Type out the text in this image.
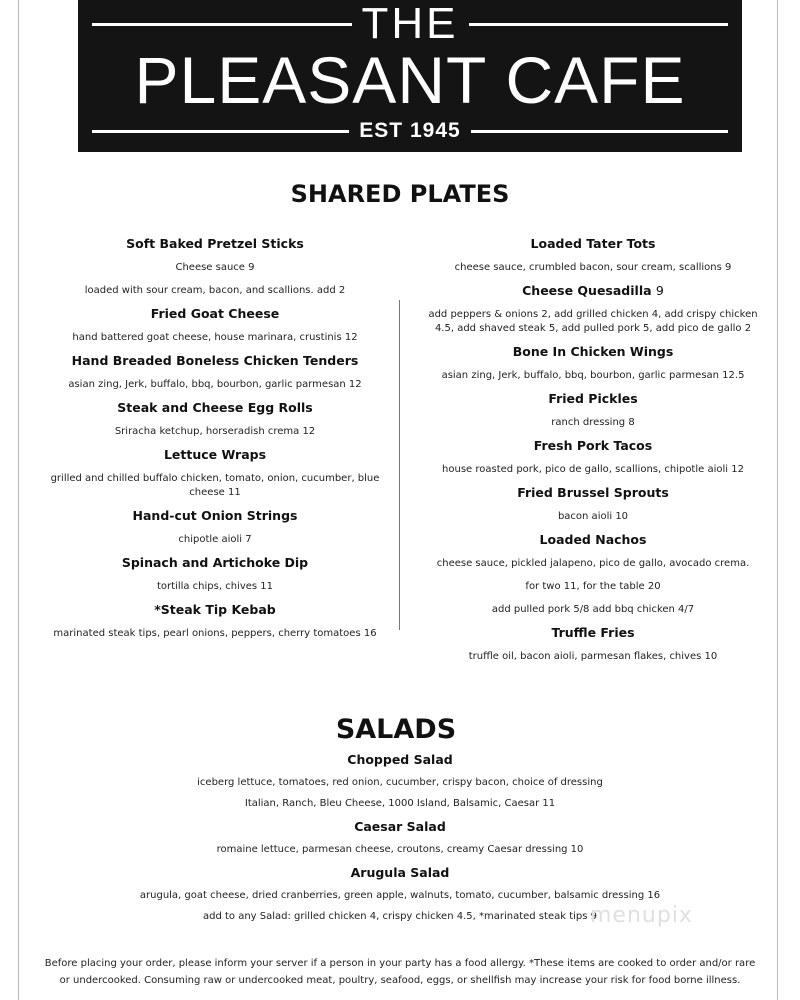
THE
PLEASANT CAFE
EST 1945
SHARED PLATES

Soft Baked Pretzel Sticks

Cheese sauce 9

loaded with sour cream, bacon, and scallions. add 2

Fried Goat Cheese

hand battered goat cheese, house marinara, crustinis 12

Hand Breaded Boneless Chicken Tenders

asian zing, Jerk, buffalo, bbq, bourbon, garlic parmesan 12

Steak and Cheese Egg Rolls

Sriracha ketchup, horseradish crema 12

Lettuce Wraps

grilled and chilled buffalo chicken, tomato, onion, cucumber, blue cheese 11

Hand-cut Onion Strings

chipotle aioli 7

Spinach and Artichoke Dip

tortilla chips, chives 11

*Steak Tip Kebab

marinated steak tips, pearl onions, peppers, cherry tomatoes 16

Loaded Tater Tots

cheese sauce, crumbled bacon, sour cream, scallions 9

Cheese Quesadilla 9

add peppers & onions 2, add grilled chicken 4, add crispy chicken 4.5, add shaved steak 5, add pulled pork 5, add pico de gallo 2

Bone In Chicken Wings

asian zing, Jerk, buffalo, bbq, bourbon, garlic parmesan 12.5

Fried Pickles

ranch dressing 8

Fresh Pork Tacos

house roasted pork, pico de gallo, scallions, chipotle aioli 12

Fried Brussel Sprouts

bacon aioli 10

Loaded Nachos

cheese sauce, pickled jalapeno, pico de gallo, avocado crema.

for two 11, for the table 20

add pulled pork 5/8 add bbq chicken 4/7

Truffle Fries

truffle oil, bacon aioli, parmesan flakes, chives 10

SALADS

Chopped Salad

iceberg lettuce, tomatoes, red onion, cucumber, crispy bacon, choice of dressing

Italian, Ranch, Bleu Cheese, 1000 Island, Balsamic, Caesar 11

Caesar Salad

romaine lettuce, parmesan cheese, croutons, creamy Caesar dressing 10

Arugula Salad

arugula, goat cheese, dried cranberries, green apple, walnuts, tomato, cucumber, balsamic dressing 16

add to any Salad: grilled chicken 4, crispy chicken 4.5, *marinated steak tips 9

Before placing your order, please inform your server if a person in your party has a food allergy. *These items are cooked to order and/or rare or undercooked. Consuming raw or undercooked meat, poultry, seafood, eggs, or shellfish may increase your risk for food borne illness.
menupix
